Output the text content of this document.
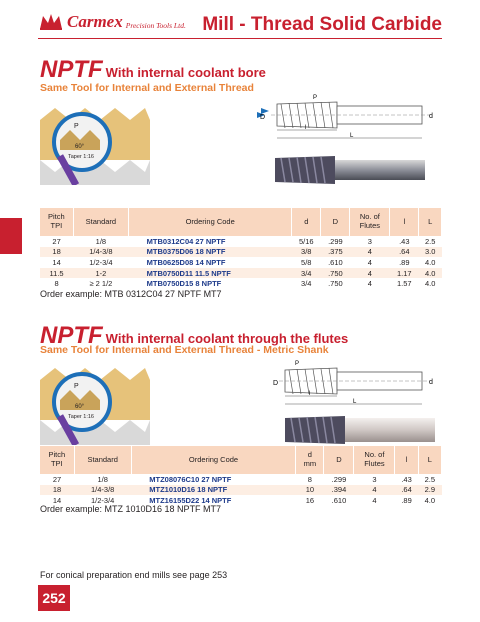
Carmex Precision Tools Ltd. Mill - Thread Solid Carbide
NPTF With internal coolant bore
Same Tool for Internal and External Thread
P
60°
Taper 1:16
D
P
d
l
L
Pitch
TPI	Standard	Ordering Code	d	D	No. of
Flutes	l	L
27	1/8	MTB0312C04 27 NPTF	5/16	.299	3	.43	2.5
18	1/4-3/8	MTB0375D06 18 NPTF	3/8	.375	4	.64	3.0
14	1/2-3/4	MTB0625D08 14 NPTF	5/8	.610	4	.89	4.0
11.5	1-2	MTB0750D11 11.5 NPTF	3/4	.750	4	1.17	4.0
8	≥ 2 1/2	MTB0750D15 8 NPTF	3/4	.750	4	1.57	4.0
Order example: MTB 0312C04 27 NPTF MT7
NPTF With internal coolant through the flutes
Same Tool for Internal and External Thread - Metric Shank
P
60°
Taper 1:16
D
P
d
l
L
Pitch
TPI	Standard	Ordering Code	d
mm	D	No. of
Flutes	l	L
27	1/8	MTZ08076C10 27 NPTF	8	.299	3	.43	2.5
18	1/4-3/8	MTZ1010D16 18 NPTF	10	.394	4	.64	2.9
14	1/2-3/4	MTZ16155D22 14 NPTF	16	.610	4	.89	4.0
Order example: MTZ 1010D16 18 NPTF MT7
For conical preparation end mills see page 253
252
